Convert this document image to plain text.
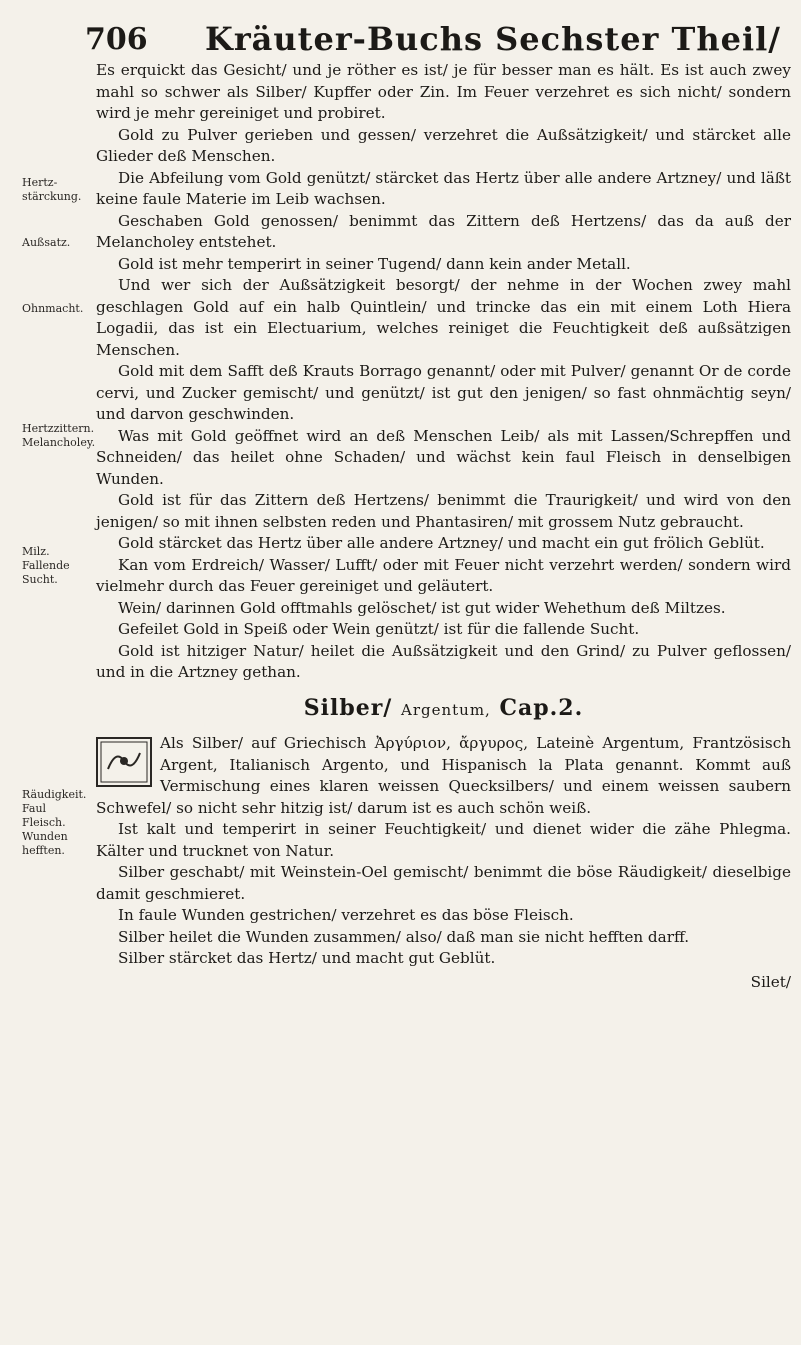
706 Kräuter-Buchs Sechster Theil/
Hertz-stärckung.
Außsatz.
Ohnmacht.
Hertzzittern. Melancholey.
Milz. Fallende Sucht.
Räudigkeit. Faul Fleisch. Wunden hefften.

Es erquickt das Gesicht/ und je röther es ist/ je für besser man es hält. Es ist auch zwey mahl so schwer als Silber/ Kupffer oder Zin. Im Feuer verzehret es sich nicht/ sondern wird je mehr gereiniget und probiret.

Gold zu Pulver gerieben und gessen/ verzehret die Außsätzigkeit/ und stärcket alle Glieder deß Menschen.

Die Abfeilung vom Gold genützt/ stärcket das Hertz über alle andere Artzney/ und läßt keine faule Materie im Leib wachsen.

Geschaben Gold genossen/ benimmt das Zittern deß Hertzens/ das da auß der Melancholey entstehet.

Gold ist mehr temperirt in seiner Tugend/ dann kein ander Metall.

Und wer sich der Außsätzigkeit besorgt/ der nehme in der Wochen zwey mahl geschlagen Gold auf ein halb Quintlein/ und trincke das ein mit einem Loth Hiera Logadii, das ist ein Electuarium, welches reiniget die Feuchtigkeit deß außsätzigen Menschen.

Gold mit dem Safft deß Krauts Borrago genannt/ oder mit Pulver/ genannt Or de corde cervi, und Zucker gemischt/ und genützt/ ist gut den jenigen/ so fast ohnmächtig seyn/ und darvon geschwinden.

Was mit Gold geöffnet wird an deß Menschen Leib/ als mit Lassen/Schrepffen und Schneiden/ das heilet ohne Schaden/ und wächst kein faul Fleisch in denselbigen Wunden.

Gold ist für das Zittern deß Hertzens/ benimmt die Traurigkeit/ und wird von den jenigen/ so mit ihnen selbsten reden und Phantasiren/ mit grossem Nutz gebraucht.

Gold stärcket das Hertz über alle andere Artzney/ und macht ein gut frölich Geblüt.

Kan vom Erdreich/ Wasser/ Lufft/ oder mit Feuer nicht verzehrt werden/ sondern wird vielmehr durch das Feuer gereiniget und geläutert.

Wein/ darinnen Gold offtmahls gelöschet/ ist gut wider Wehethum deß Miltzes.

Gefeilet Gold in Speiß oder Wein genützt/ ist für die fallende Sucht.

Gold ist hitziger Natur/ heilet die Außsätzigkeit und den Grind/ zu Pulver geflossen/ und in die Artzney gethan.

Silber/ Argentum, Cap.2.

Als Silber/ auf Griechisch Ἀργύριον, ἄργυρος, Lateinè Argentum, Frantzösisch Argent, Italianisch Argento, und Hispanisch la Plata genannt. Kommt auß Vermischung eines klaren weissen Quecksilbers/ und einem weissen saubern Schwefel/ so nicht sehr hitzig ist/ darum ist es auch schön weiß.

Ist kalt und temperirt in seiner Feuchtigkeit/ und dienet wider die zähe Phlegma. Kälter und trucknet von Natur.

Silber geschabt/ mit Weinstein-Oel gemischt/ benimmt die böse Räudigkeit/ dieselbige damit geschmieret.

In faule Wunden gestrichen/ verzehret es das böse Fleisch.

Silber heilet die Wunden zusammen/ also/ daß man sie nicht hefften darff.

Silber stärcket das Hertz/ und macht gut Geblüt.

Silet/
